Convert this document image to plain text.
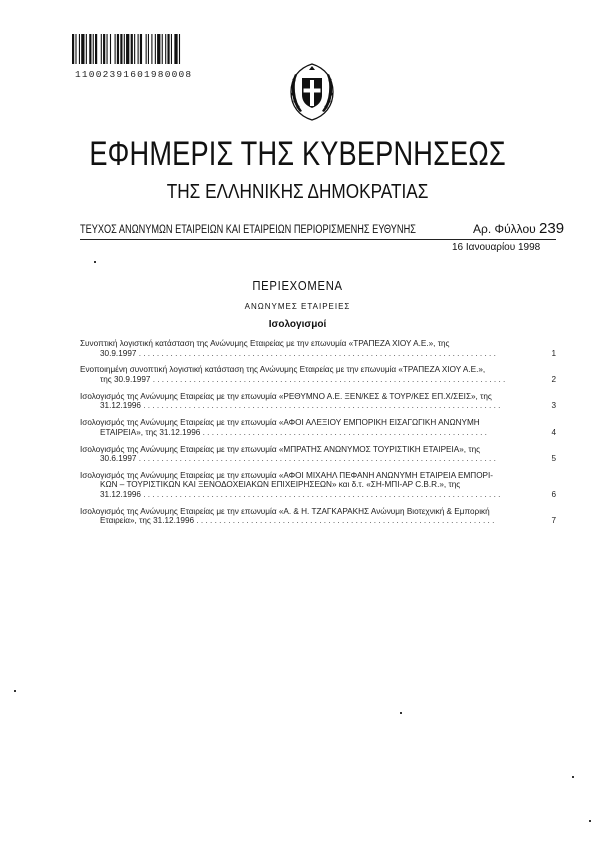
11002391601980008
ΕΦΗΜΕΡΙΣ ΤΗΣ ΚΥΒΕΡΝΗΣΕΩΣ
ΤΗΣ ΕΛΛΗΝΙΚΗΣ ΔΗΜΟΚΡΑΤΙΑΣ
ΤΕΥΧΟΣ ΑΝΩΝΥΜΩΝ ΕΤΑΙΡΕΙΩΝ ΚΑΙ ΕΤΑΙΡΕΙΩΝ ΠΕΡΙΟΡΙΣΜΕΝΗΣ ΕΥΘΥΝΗΣ	Αρ. Φύλλου 239
16 Ιανουαρίου 1998
ΠΕΡΙΕΧΟΜΕΝΑ
ΑΝΩΝΥΜΕΣ ΕΤΑΙΡΕΙΕΣ
Ισολογισμοί
Συνοπτική λογιστική κατάσταση της Ανώνυμης Εταιρείας με την επωνυμία «ΤΡΑΠΕΖΑ ΧΙΟΥ Α.Ε.», της
30.9.1997 . . . . . . . . . . . . . . . . . . . . . . . . . . . . . . . . . . . . . . . . . . . . . . . . . . . . . . . . . . . . . . . . . . . . . . . . . . . . . . .	1
Ενοποιημένη συνοπτική λογιστική κατάσταση της Ανώνυμης Εταιρείας με την επωνυμία «ΤΡΑΠΕΖΑ ΧΙΟΥ Α.Ε.»,
της 30.9.1997 . . . . . . . . . . . . . . . . . . . . . . . . . . . . . . . . . . . . . . . . . . . . . . . . . . . . . . . . . . . . . . . . . . . . . . . . . . . . . .	2
Ισολογισμός της Ανώνυμης Εταιρείας με την επωνυμία «ΡΕΘΥΜΝΟ Α.Ε. ΞΕΝ/ΚΕΣ & ΤΟΥΡ/ΚΕΣ ΕΠ.Χ/ΣΕΙΣ», της
31.12.1996 . . . . . . . . . . . . . . . . . . . . . . . . . . . . . . . . . . . . . . . . . . . . . . . . . . . . . . . . . . . . . . . . . . . . . . . . . . . . . . .	3
Ισολογισμός της Ανώνυμης Εταιρείας με την επωνυμία «ΑΦΟΙ ΑΛΕΞΙΟΥ ΕΜΠΟΡΙΚΗ ΕΙΣΑΓΩΓΙΚΗ ΑΝΩΝΥΜΗ
ΕΤΑΙΡΕΙΑ», της 31.12.1996 . . . . . . . . . . . . . . . . . . . . . . . . . . . . . . . . . . . . . . . . . . . . . . . . . . . . . . . . . . . . . . .	4
Ισολογισμός της Ανώνυμης Εταιρείας με την επωνυμία «ΜΠΡΑΤΗΣ ΑΝΩΝΥΜΟΣ ΤΟΥΡΙΣΤΙΚΗ ΕΤΑΙΡΕΙΑ», της
30.6.1997 . . . . . . . . . . . . . . . . . . . . . . . . . . . . . . . . . . . . . . . . . . . . . . . . . . . . . . . . . . . . . . . . . . . . . . . . . . . . . . .	5
Ισολογισμός της Ανώνυμης Εταιρείας με την επωνυμία «ΑΦΟΙ ΜΙΧΑΗΛ ΠΕΦΑΝΗ ΑΝΩΝΥΜΗ ΕΤΑΙΡΕΙΑ ΕΜΠΟΡΙ-
ΚΩΝ – ΤΟΥΡΙΣΤΙΚΩΝ ΚΑΙ ΞΕΝΟΔΟΧΕΙΑΚΩΝ ΕΠΙΧΕΙΡΗΣΕΩΝ» και δ.τ. «ΣΗ-ΜΠΙ-ΑΡ C.B.R.», της
31.12.1996 . . . . . . . . . . . . . . . . . . . . . . . . . . . . . . . . . . . . . . . . . . . . . . . . . . . . . . . . . . . . . . . . . . . . . . . . . . . . . . .	6
Ισολογισμός της Ανώνυμης Εταιρείας με την επωνυμία «Α. & Η. ΤΖΑΓΚΑΡΑΚΗΣ Ανώνυμη Βιοτεχνική & Εμπορική
Εταιρεία», της 31.12.1996 . . . . . . . . . . . . . . . . . . . . . . . . . . . . . . . . . . . . . . . . . . . . . . . . . . . . . . . . . . . . . . . . . .	7
